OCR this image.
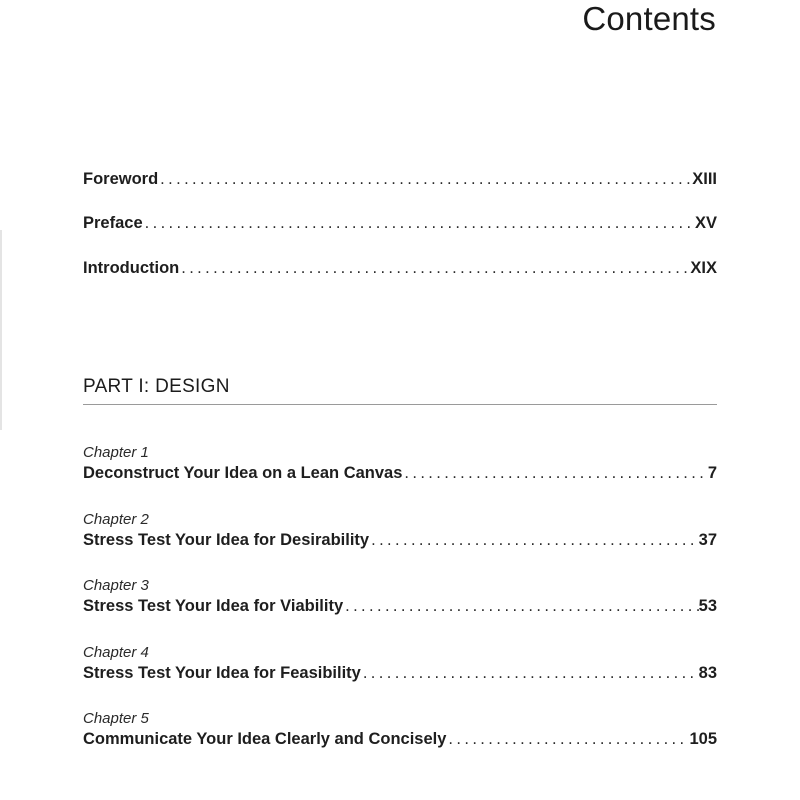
Contents
Foreword . . .	XIII
Preface . . .	XV
Introduction . . .	XIX
PART I: DESIGN
Chapter 1
Deconstruct Your Idea on a Lean Canvas . . .	7
Chapter 2
Stress Test Your Idea for Desirability . . .	37
Chapter 3
Stress Test Your Idea for Viability . . .	53
Chapter 4
Stress Test Your Idea for Feasibility . . .	83
Chapter 5
Communicate Your Idea Clearly and Concisely . . .	105
